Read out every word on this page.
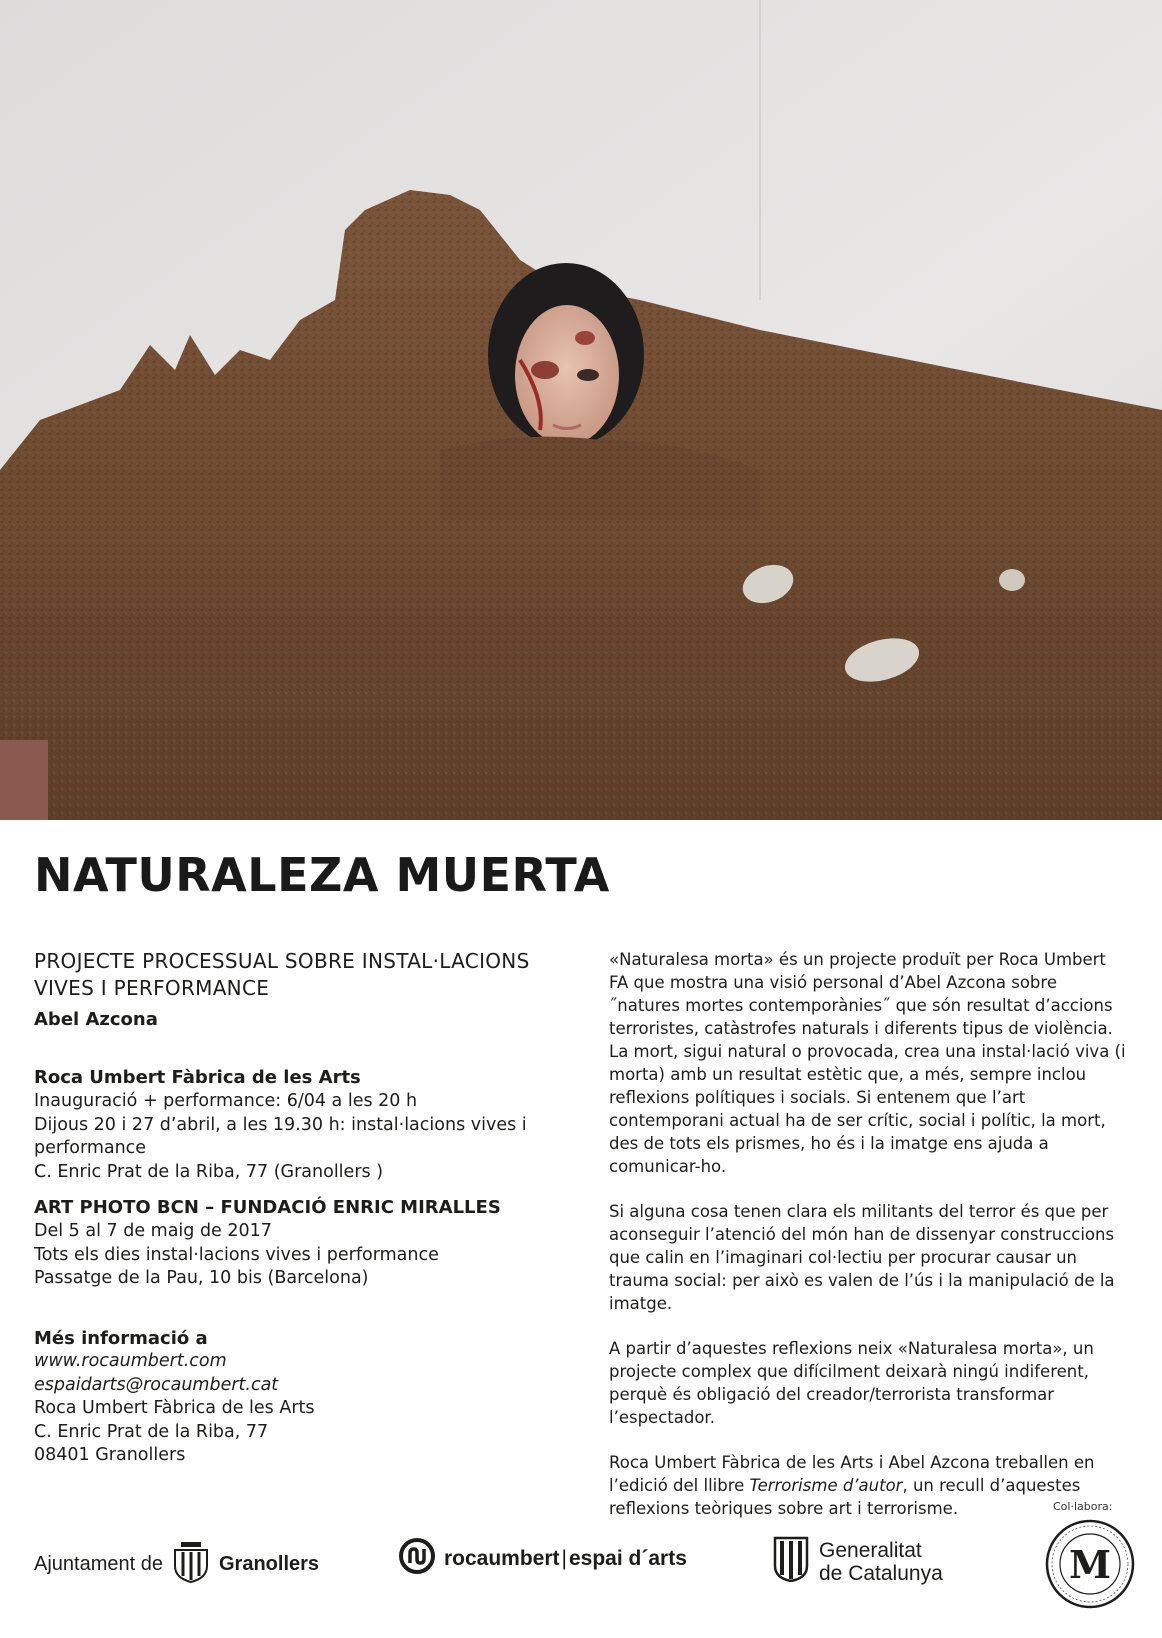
NATURALEZA MUERTA

PROJECTE PROCESSUAL SOBRE INSTAL·LACIONS
VIVES I PERFORMANCE

Abel Azcona

Roca Umbert Fàbrica de les Arts

Inauguració + performance: 6/04 a les 20 h
Dijous 20 i 27 d’abril, a les 19.30 h: instal·lacions vives i
performance
C. Enric Prat de la Riba, 77 (Granollers )

ART PHOTO BCN – FUNDACIÓ ENRIC MIRALLES

Del 5 al 7 de maig de 2017
Tots els dies instal·lacions vives i performance
Passatge de la Pau, 10 bis (Barcelona)
Més informació a
www.rocaumbert.com
espaidarts@rocaumbert.cat
Roca Umbert Fàbrica de les Arts
C. Enric Prat de la Riba, 77
08401 Granollers

«Naturalesa morta» és un projecte produït per Roca Umbert FA que mostra una visió personal d’Abel Azcona sobre ˝natures mortes contemporànies˝ que són resultat d’accions terroristes, catàstrofes naturals i diferents tipus de violència. La mort, sigui natural o provocada, crea una instal·lació viva (i morta) amb un resultat estètic que, a més, sempre inclou reflexions polítiques i socials. Si entenem que l’art contemporani actual ha de ser crític, social i polític, la mort, des de tots els prismes, ho és i la imatge ens ajuda a comunicar-ho.

Si alguna cosa tenen clara els militants del terror és que per aconseguir l’atenció del món han de dissenyar construccions que calin en l’imaginari col·lectiu per procurar causar un trauma social: per això es valen de l’ús i la manipulació de la imatge.

A partir d’aquestes reflexions neix «Naturalesa morta», un projecte complex que difícilment deixarà ningú indiferent, perquè és obligació del creador/terrorista transformar l’espectador.

Roca Umbert Fàbrica de les Arts i Abel Azcona treballen en l’edició del llibre Terrorisme d’autor, un recull d’aquestes reflexions teòriques sobre art i terrorisme.	Col·labora:
Ajuntament de	Granollers	rocaumbert | espai d´arts	Generalitat
de Catalunya	M
